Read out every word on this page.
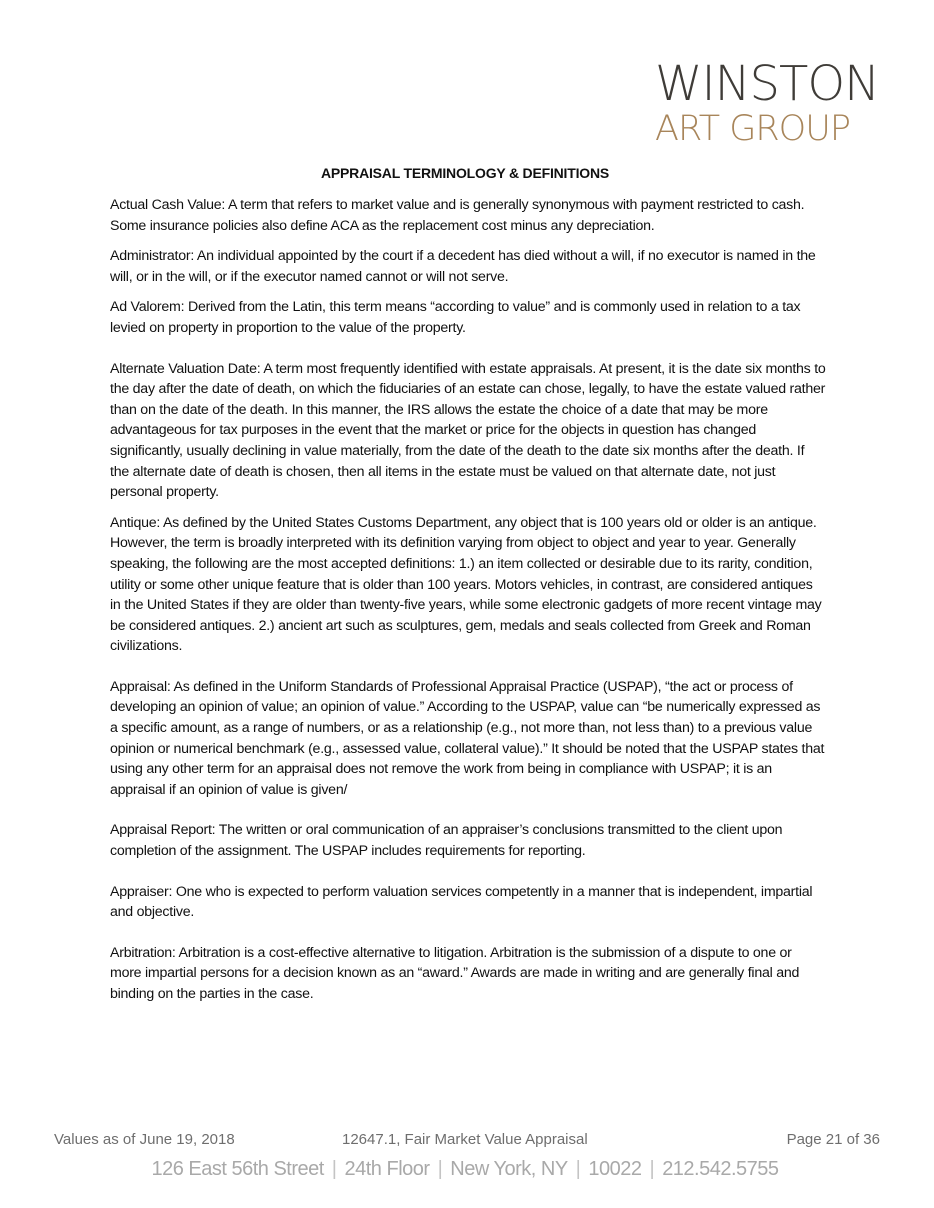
WINSTON
ART GROUP
APPRAISAL TERMINOLOGY & DEFINITIONS

Actual Cash Value: A term that refers to market value and is generally synonymous with payment restricted to cash. Some insurance policies also define ACA as the replacement cost minus any depreciation.

Administrator: An individual appointed by the court if a decedent has died without a will, if no executor is named in the will, or in the will, or if the executor named cannot or will not serve.

Ad Valorem: Derived from the Latin, this term means “according to value” and is commonly used in relation to a tax levied on property in proportion to the value of the property.

Alternate Valuation Date: A term most frequently identified with estate appraisals. At present, it is the date six months to the day after the date of death, on which the fiduciaries of an estate can chose, legally, to have the estate valued rather than on the date of the death. In this manner, the IRS allows the estate the choice of a date that may be more advantageous for tax purposes in the event that the market or price for the objects in question has changed significantly, usually declining in value materially, from the date of the death to the date six months after the death. If the alternate date of death is chosen, then all items in the estate must be valued on that alternate date, not just personal property.

Antique: As defined by the United States Customs Department, any object that is 100 years old or older is an antique. However, the term is broadly interpreted with its definition varying from object to object and year to year. Generally speaking, the following are the most accepted definitions: 1.) an item collected or desirable due to its rarity, condition, utility or some other unique feature that is older than 100 years. Motors vehicles, in contrast, are considered antiques in the United States if they are older than twenty-five years, while some electronic gadgets of more recent vintage may be considered antiques. 2.) ancient art such as sculptures, gem, medals and seals collected from Greek and Roman civilizations.

Appraisal: As defined in the Uniform Standards of Professional Appraisal Practice (USPAP), “the act or process of developing an opinion of value; an opinion of value.” According to the USPAP, value can “be numerically expressed as a specific amount, as a range of numbers, or as a relationship (e.g., not more than, not less than) to a previous value opinion or numerical benchmark (e.g., assessed value, collateral value).” It should be noted that the USPAP states that using any other term for an appraisal does not remove the work from being in compliance with USPAP; it is an appraisal if an opinion of value is given/

Appraisal Report: The written or oral communication of an appraiser’s conclusions transmitted to the client upon completion of the assignment. The USPAP includes requirements for reporting.

Appraiser: One who is expected to perform valuation services competently in a manner that is independent, impartial and objective.

Arbitration: Arbitration is a cost-effective alternative to litigation. Arbitration is the submission of a dispute to one or more impartial persons for a decision known as an “award.” Awards are made in writing and are generally final and binding on the parties in the case.

Values as of June 19, 2018	12647.1, Fair Market Value Appraisal	Page 21 of 36
126 East 56th Street | 24th Floor | New York, NY | 10022 | 212.542.5755
